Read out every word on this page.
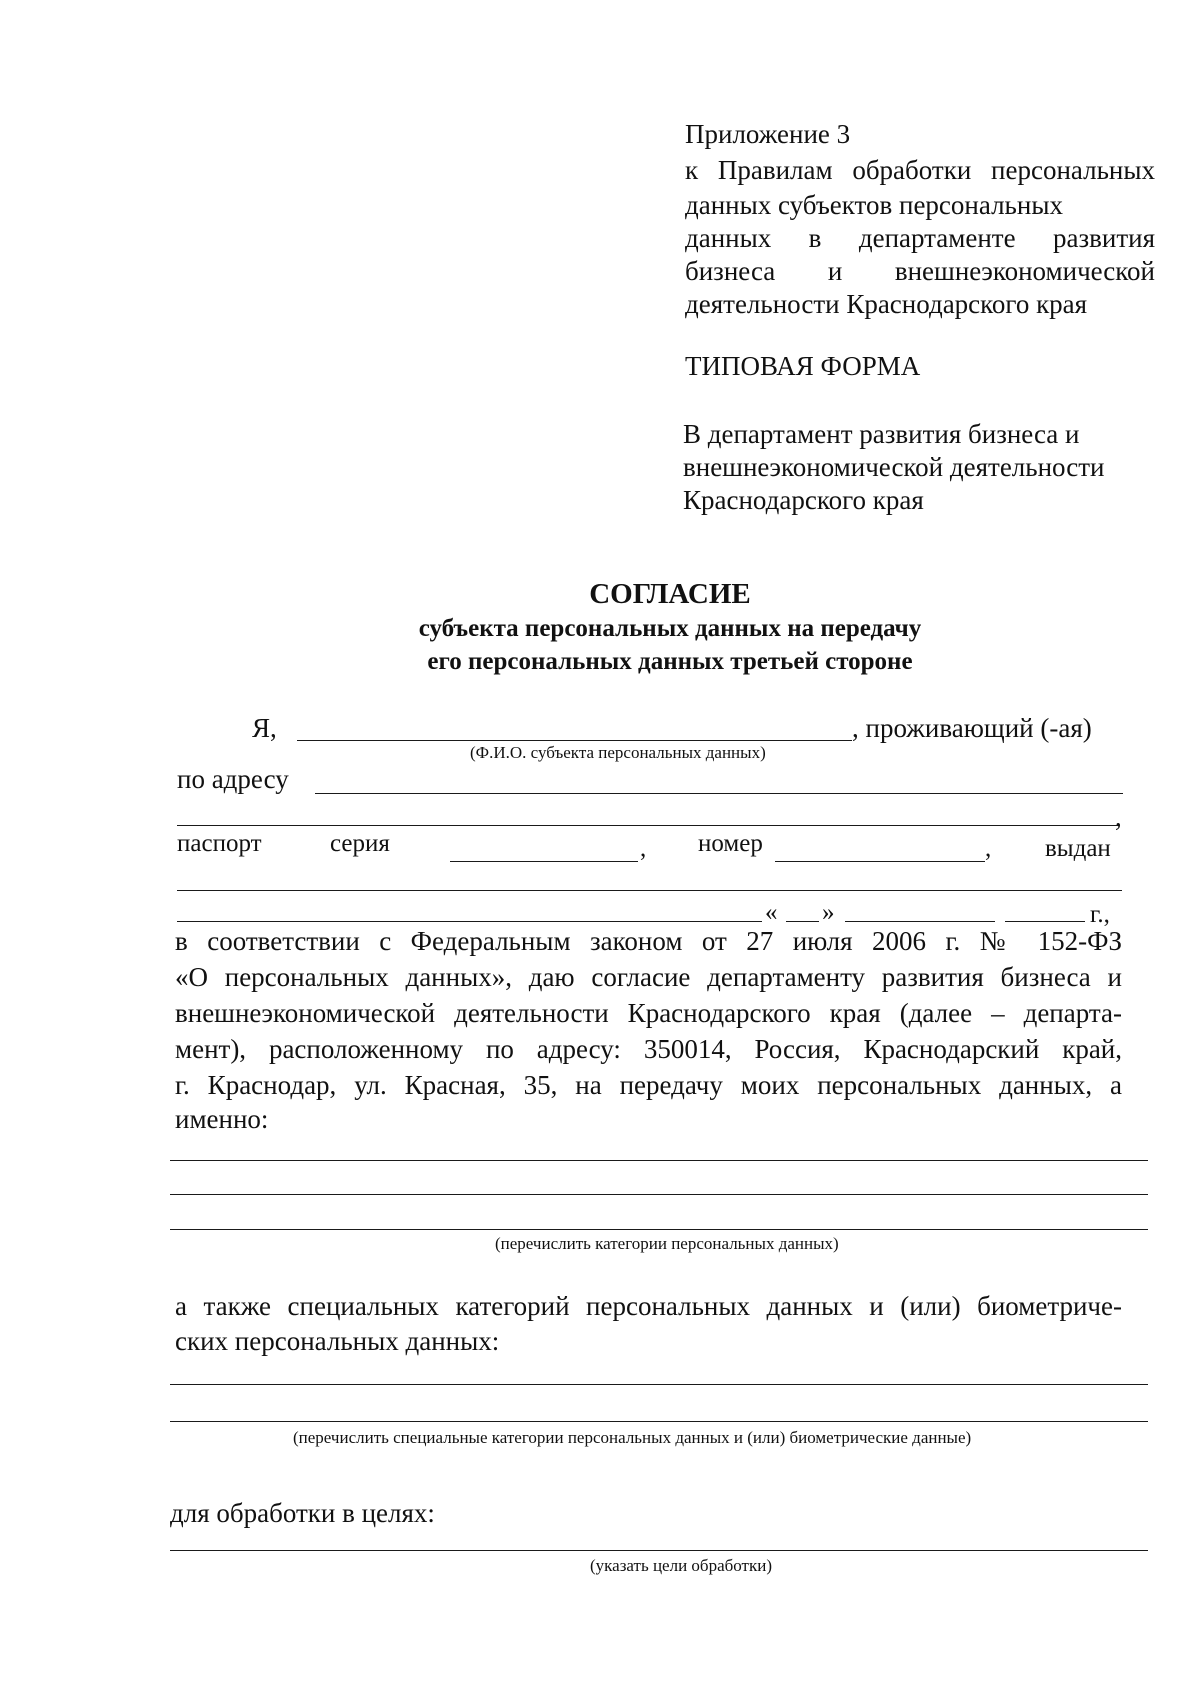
Приложение 3
к Правилам обработки персональных
данных субъектов персональных
данных в департаменте развития
бизнеса и внешнеэкономической
деятельности Краснодарского края
ТИПОВАЯ ФОРМА
В департамент развития бизнеса и
внешнеэкономической деятельности
Краснодарского края
СОГЛАСИЕ
субъекта персональных данных на передачу
его персональных данных третьей стороне
Я,	, проживающий (-ая)
(Ф.И.О. субъекта персональных данных)
по адресу
,
паспорт	серия	, номер	, выдан
« »	г.,
в соответствии с Федеральным законом от 27 июля 2006 г. № 152-ФЗ
«О персональных данных», даю согласие департаменту развития бизнеса и
внешнеэкономической деятельности Краснодарского края (далее – департа-
мент), расположенному по адресу: 350014, Россия, Краснодарский край,
г. Краснодар, ул. Красная, 35, на передачу моих персональных данных, а
именно:
(перечислить категории персональных данных)
а также специальных категорий персональных данных и (или) биометриче-
ских персональных данных:
(перечислить специальные категории персональных данных и (или) биометрические данные)
для обработки в целях:
(указать цели обработки)
